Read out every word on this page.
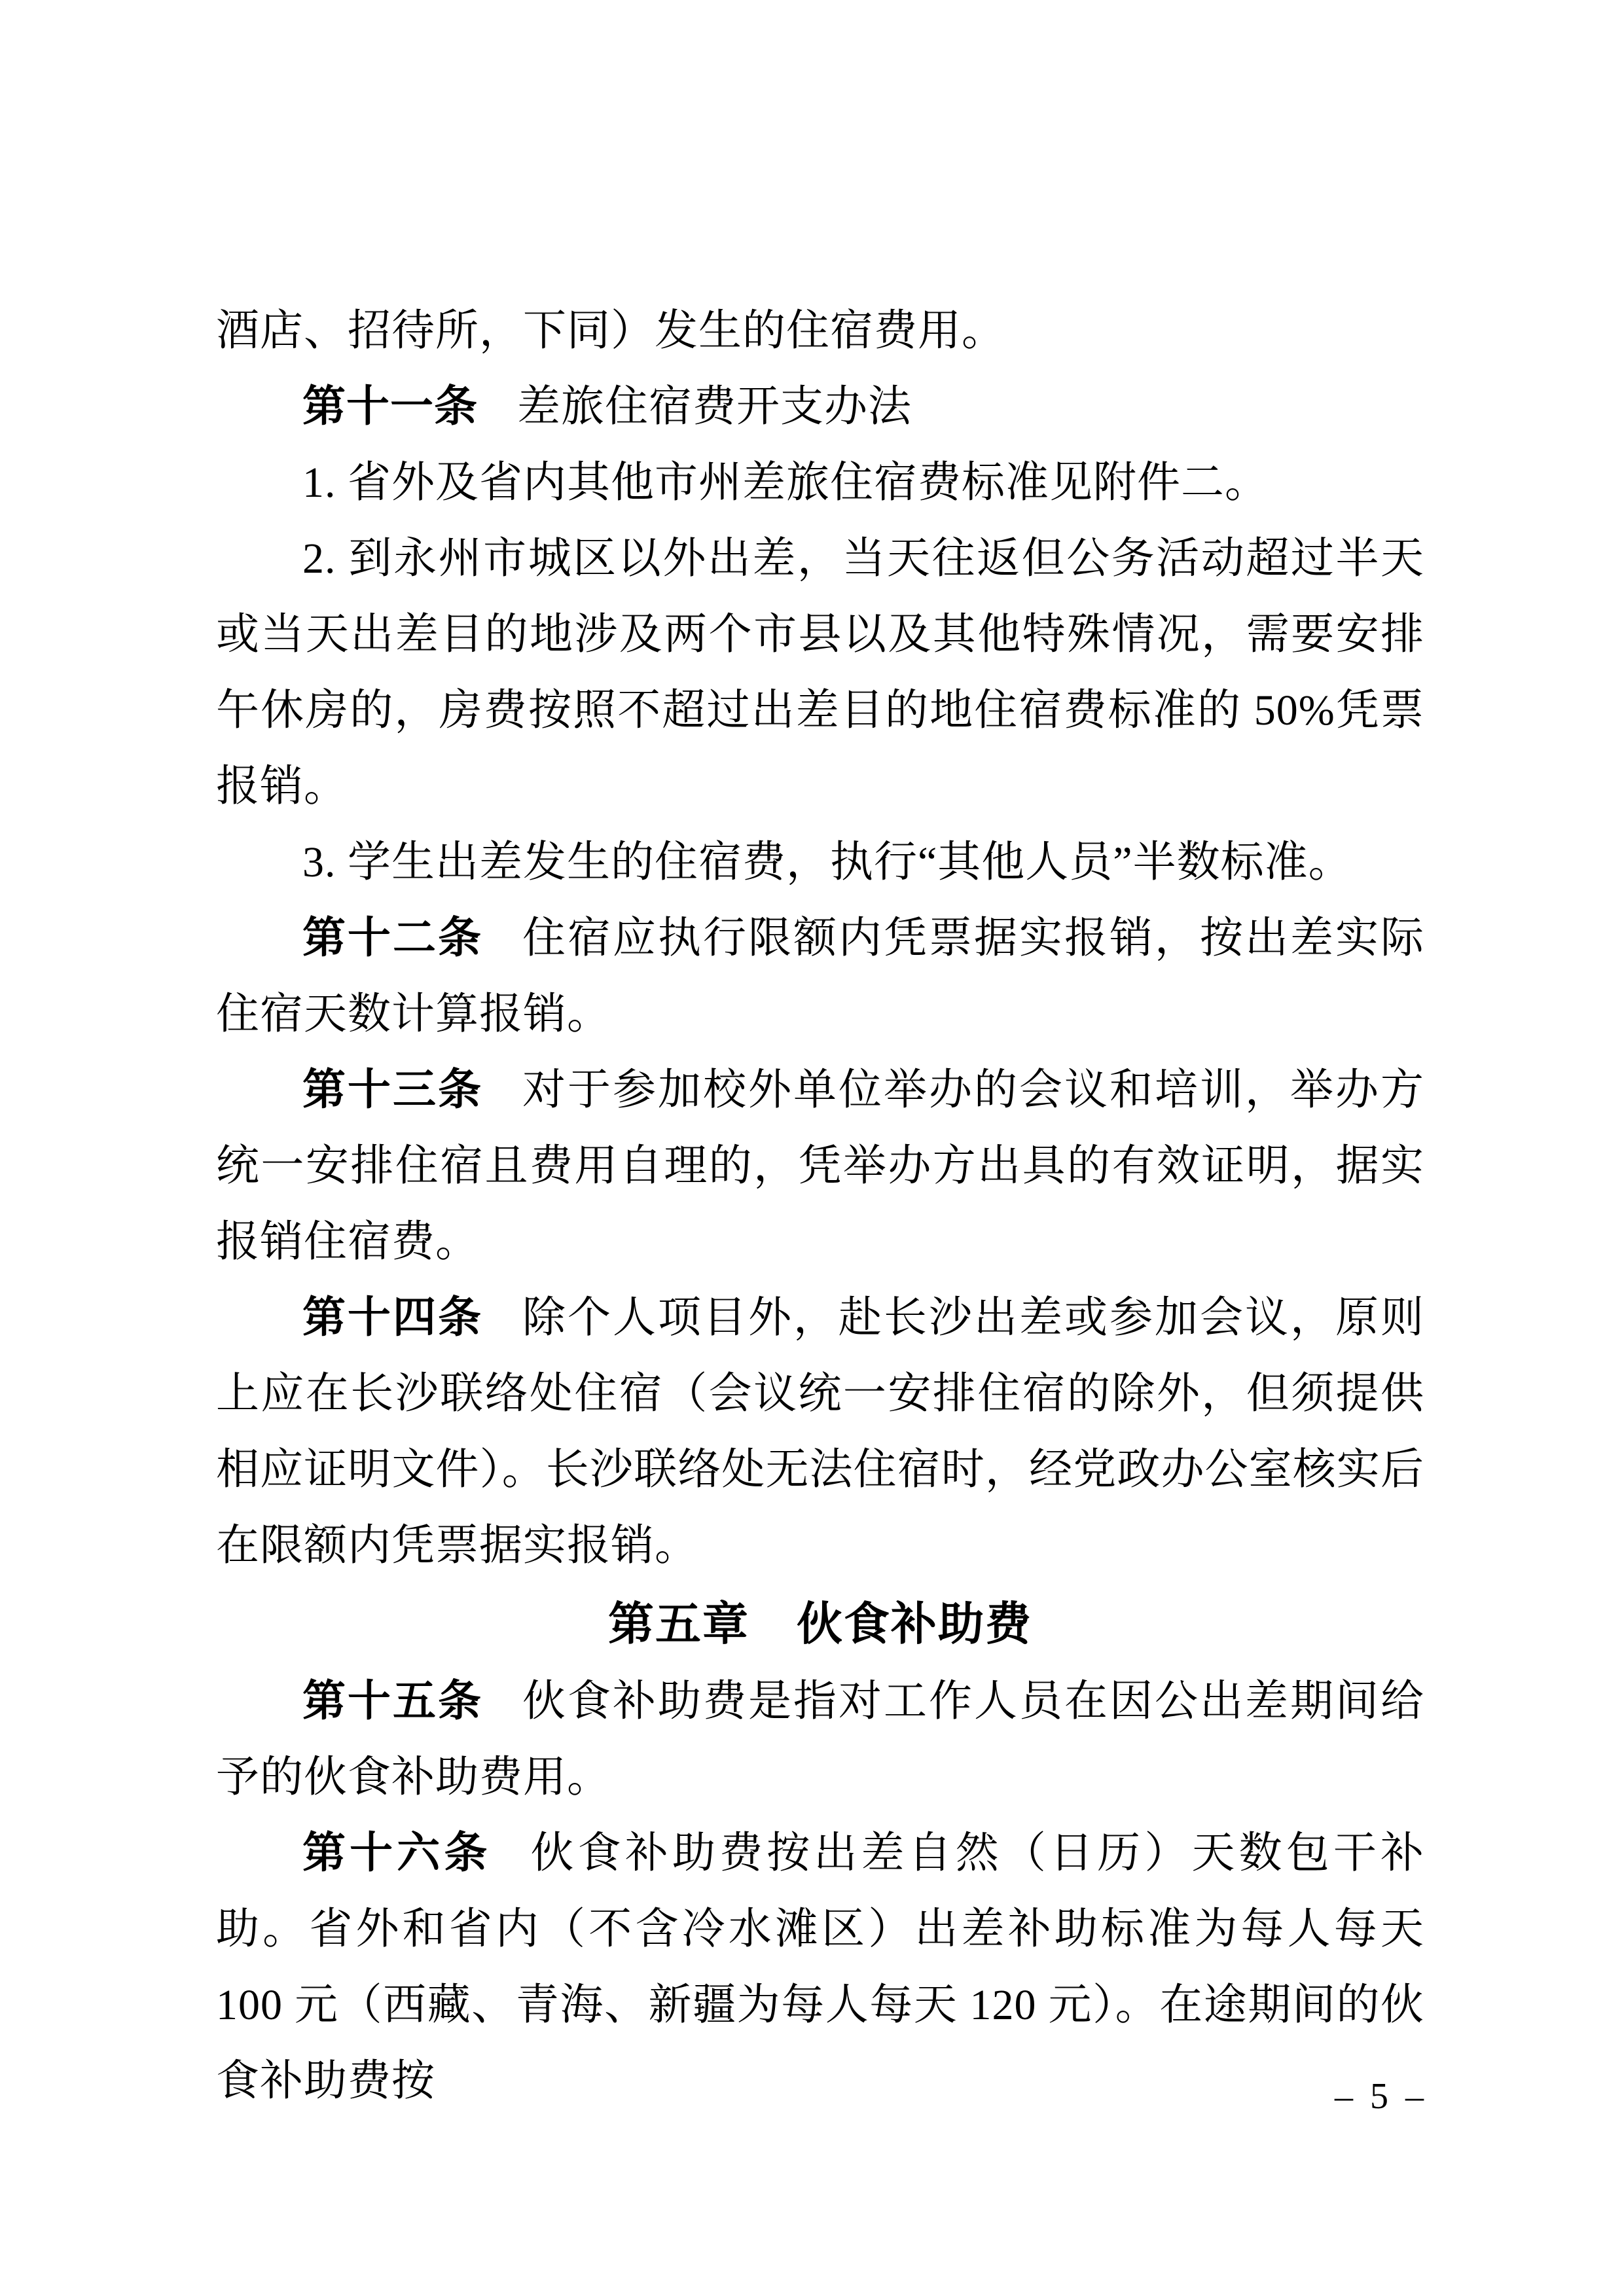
酒店、招待所，下同）发生的住宿费用。

第十一条 差旅住宿费开支办法

1. 省外及省内其他市州差旅住宿费标准见附件二。

2. 到永州市城区以外出差，当天往返但公务活动超过半天或当天出差目的地涉及两个市县以及其他特殊情况，需要安排午休房的，房费按照不超过出差目的地住宿费标准的 50%凭票报销。

3. 学生出差发生的住宿费，执行“其他人员”半数标准。

第十二条 住宿应执行限额内凭票据实报销，按出差实际住宿天数计算报销。

第十三条 对于参加校外单位举办的会议和培训，举办方统一安排住宿且费用自理的，凭举办方出具的有效证明，据实报销住宿费。

第十四条 除个人项目外，赴长沙出差或参加会议，原则上应在长沙联络处住宿（会议统一安排住宿的除外，但须提供相应证明文件）。长沙联络处无法住宿时，经党政办公室核实后在限额内凭票据实报销。

第五章　伙食补助费

第十五条 伙食补助费是指对工作人员在因公出差期间给予的伙食补助费用。

第十六条 伙食补助费按出差自然（日历）天数包干补助。省外和省内（不含冷水滩区）出差补助标准为每人每天 100 元（西藏、青海、新疆为每人每天 120 元）。在途期间的伙食补助费按	– 5 –
